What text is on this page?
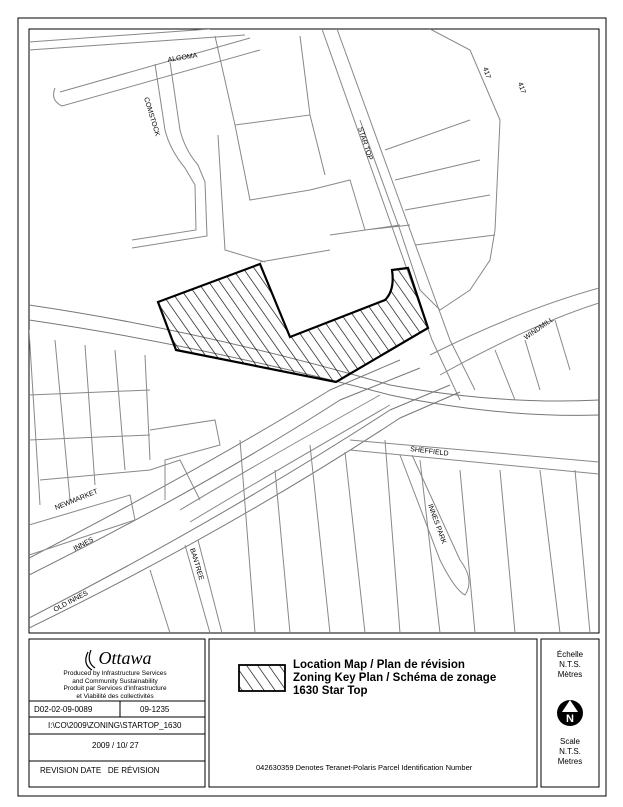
ALGOMA
COMSTOCK
STAR TOP
417
417
WINDMILL
SHEFFIELD
NEWMARKET
INNES	INNES PARK
BANTREE
OLD INNES
N
Ottawa
Produced by Infrastructure Services
and Community Sustainability
Produit par Services d'infrastructure
et Viabilité des collectivités
D02-02-09-0089	09-1235
I:\CO\2009\ZONING\STARTOP_1630
2009 / 10/ 27
REVISION DATE DE RÉVISION
Location Map / Plan de révision
Zoning Key Plan / Schéma de zonage
1630 Star Top
042630359 Denotes Teranet-Polaris Parcel Identification Number
Échelle
N.T.S.
Mètres
Scale
N.T.S.
Metres
